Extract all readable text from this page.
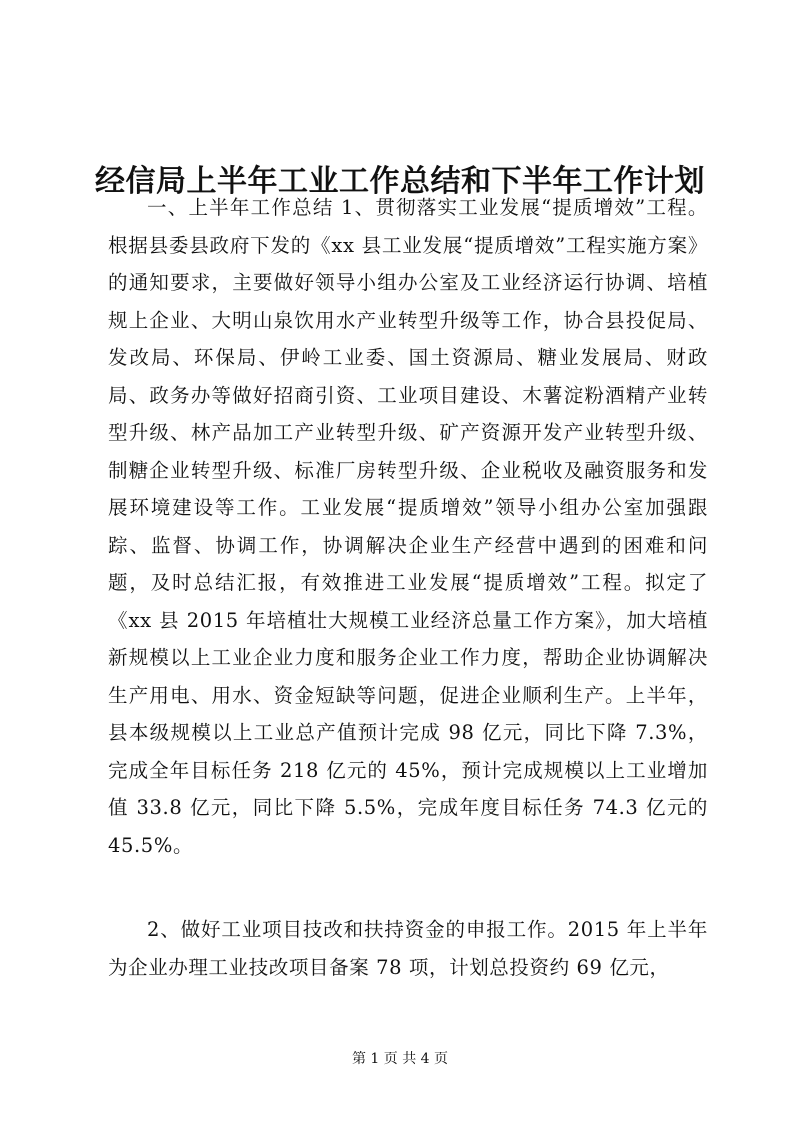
经信局上半年工业工作总结和下半年工作计划

一、上半年工作总结 1、贯彻落实工业发展“提质增效”工程。根据县委县政府下发的《xx 县工业发展“提质增效”工程实施方案》的通知要求，主要做好领导小组办公室及工业经济运行协调、培植规上企业、大明山泉饮用水产业转型升级等工作，协合县投促局、发改局、环保局、伊岭工业委、国土资源局、糖业发展局、财政局、政务办等做好招商引资、工业项目建设、木薯淀粉酒精产业转型升级、林产品加工产业转型升级、矿产资源开发产业转型升级、制糖企业转型升级、标准厂房转型升级、企业税收及融资服务和发展环境建设等工作。工业发展“提质增效”领导小组办公室加强跟踪、监督、协调工作，协调解决企业生产经营中遇到的困难和问题，及时总结汇报，有效推进工业发展“提质增效”工程。拟定了《xx 县 2015 年培植壮大规模工业经济总量工作方案》，加大培植新规模以上工业企业力度和服务企业工作力度，帮助企业协调解决生产用电、用水、资金短缺等问题，促进企业顺利生产。上半年，县本级规模以上工业总产值预计完成 98 亿元，同比下降 7.3%，完成全年目标任务 218 亿元的 45%，预计完成规模以上工业增加值 33.8 亿元，同比下降 5.5%，完成年度目标任务 74.3 亿元的 45.5%。

2、做好工业项目技改和扶持资金的申报工作。2015 年上半年为企业办理工业技改项目备案 78 项，计划总投资约 69 亿元，

第 1 页 共 4 页
